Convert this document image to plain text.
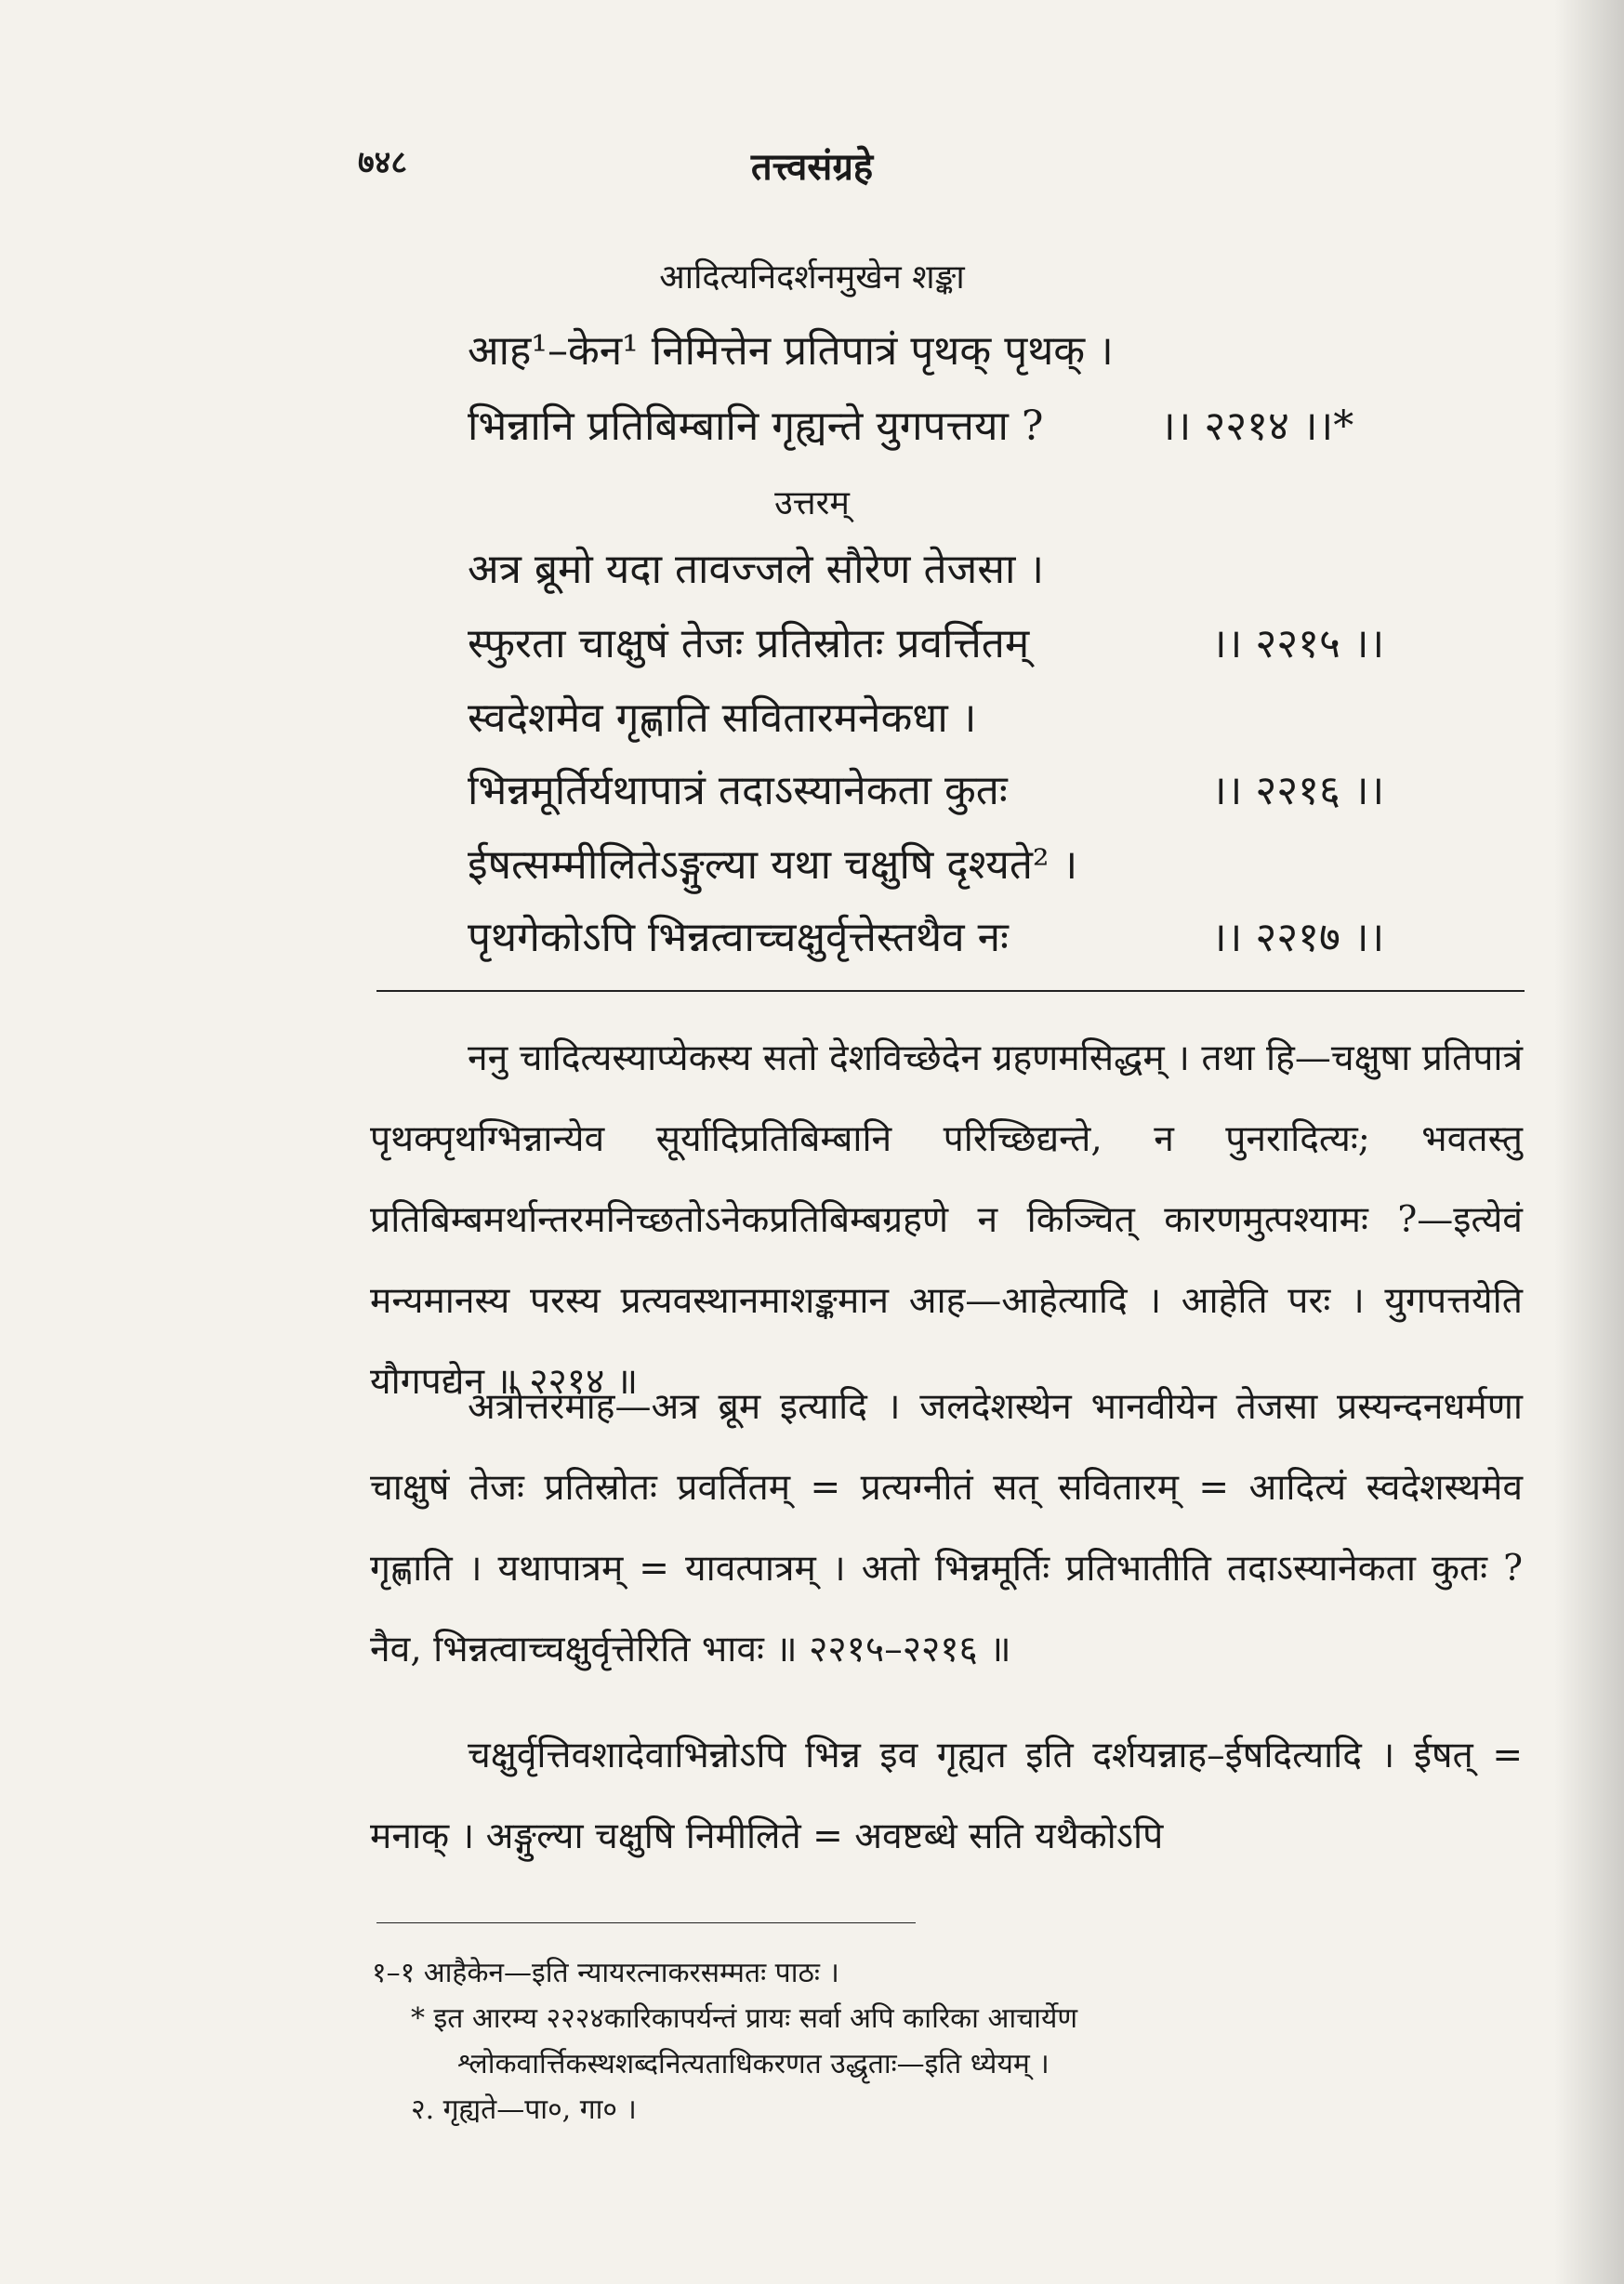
७४८	तत्त्वसंग्रहे
आदित्यनिदर्शनमुखेन शङ्का
आह¹–केन¹ निमित्तेन प्रतिपात्रं पृथक् पृथक् ।
भिन्नानि प्रतिबिम्बानि गृह्यन्ते युगपत्तया ?	।। २२१४ ।।*
उत्तरम्
अत्र ब्रूमो यदा तावज्जले सौरेण तेजसा ।
स्फुरता चाक्षुषं तेजः प्रतिस्रोतः प्रवर्त्तितम्	।। २२१५ ।।
स्वदेशमेव गृह्णाति सवितारमनेकधा ।
भिन्नमूर्तिर्यथापात्रं तदाऽस्यानेकता कुतः	।। २२१६ ।।
ईषत्सम्मीलितेऽङ्गुल्या यथा चक्षुषि दृश्यते² ।
पृथगेकोऽपि भिन्नत्वाच्चक्षुर्वृत्तेस्तथैव नः	।। २२१७ ।।
ननु चादित्यस्याप्येकस्य सतो देशविच्छेदेन ग्रहणमसिद्धम् । तथा हि—चक्षुषा प्रतिपात्रं पृथक्पृथग्भिन्नान्येव सूर्यादिप्रतिबिम्बानि परिच्छिद्यन्ते, न पुनरादित्यः; भवतस्तु प्रतिबिम्बमर्थान्तरमनिच्छतोऽनेकप्रतिबिम्बग्रहणे न किञ्चित् कारणमुत्पश्यामः ?—इत्येवं मन्यमानस्य परस्य प्रत्यवस्थानमाशङ्कमान आह—आहेत्यादि । आहेति परः । युगपत्तयेति यौगपद्येन ॥ २२१४ ॥
अत्रोत्तरमाह—अत्र ब्रूम इत्यादि । जलदेशस्थेन भानवीयेन तेजसा प्रस्यन्दनधर्मणा चाक्षुषं तेजः प्रतिस्रोतः प्रवर्तितम् = प्रत्यग्नीतं सत् सवितारम् = आदित्यं स्वदेशस्थमेव गृह्णाति । यथापात्रम् = यावत्पात्रम् । अतो भिन्नमूर्तिः प्रतिभातीति तदाऽस्यानेकता कुतः ? नैव, भिन्नत्वाच्चक्षुर्वृत्तेरिति भावः ॥ २२१५–२२१६ ॥
चक्षुर्वृत्तिवशादेवाभिन्नोऽपि भिन्न इव गृह्यत इति दर्शयन्नाह–ईषदित्यादि । ईषत् = मनाक् । अङ्गुल्या चक्षुषि निमीलिते = अवष्टब्धे सति यथैकोऽपि
१–१ आहैकेन—इति न्यायरत्नाकरसम्मतः पाठः ।
* इत आरम्य २२२४कारिकापर्यन्तं प्रायः सर्वा अपि कारिका आचार्येण
श्लोकवार्त्तिकस्थशब्दनित्यताधिकरणत उद्धृताः—इति ध्येयम् ।
२. गृह्यते—पा०, गा० ।
